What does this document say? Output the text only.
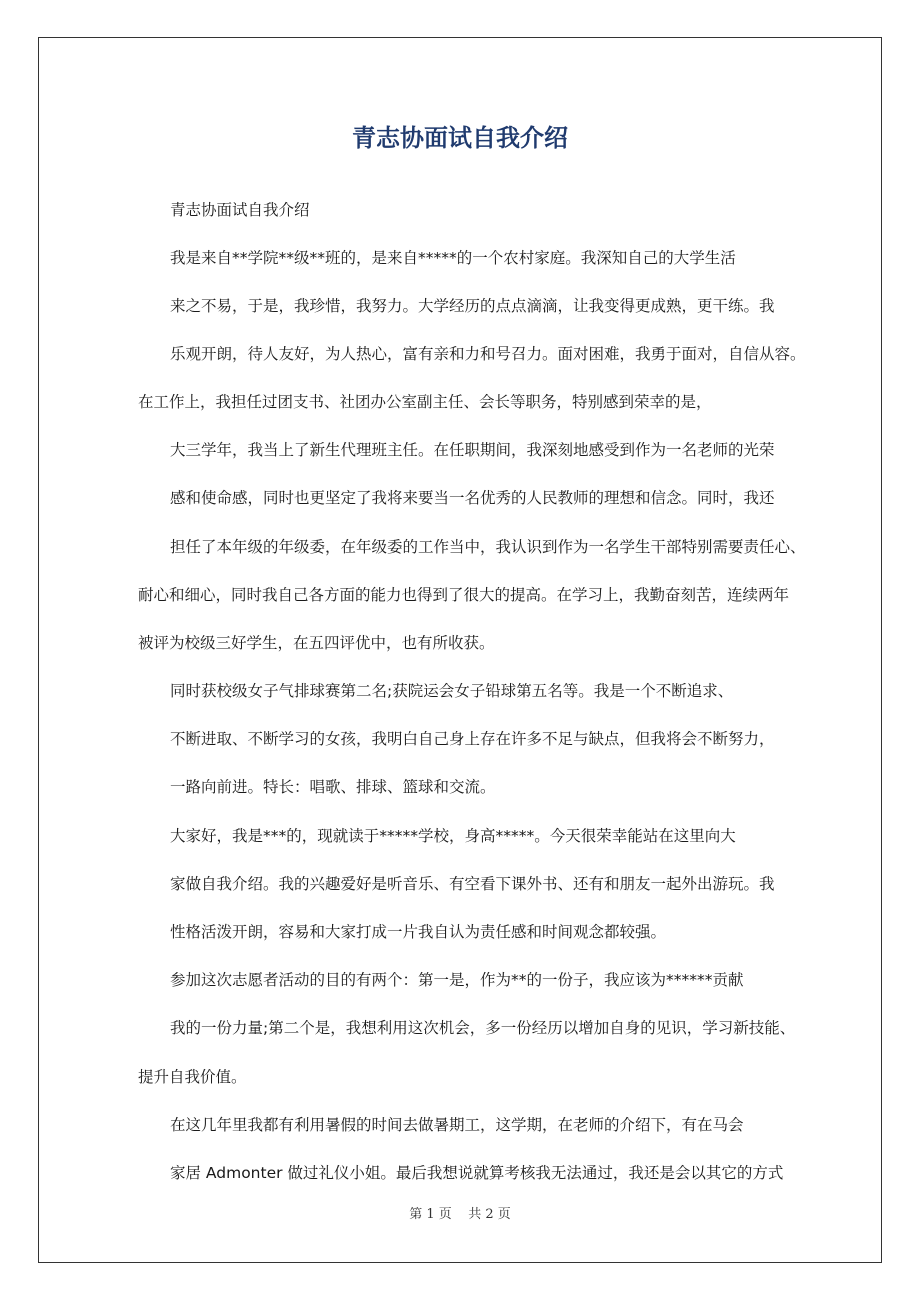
青志协面试自我介绍
青志协面试自我介绍
我是来自**学院**级**班的，是来自*****的一个农村家庭。我深知自己的大学生活
来之不易，于是，我珍惜，我努力。大学经历的点点滴滴，让我变得更成熟，更干练。我
乐观开朗，待人友好，为人热心，富有亲和力和号召力。面对困难，我勇于面对，自信从容。
在工作上，我担任过团支书、社团办公室副主任、会长等职务，特别感到荣幸的是，
大三学年，我当上了新生代理班主任。在任职期间，我深刻地感受到作为一名老师的光荣
感和使命感，同时也更坚定了我将来要当一名优秀的人民教师的理想和信念。同时，我还
担任了本年级的年级委，在年级委的工作当中，我认识到作为一名学生干部特别需要责任心、
耐心和细心，同时我自己各方面的能力也得到了很大的提高。在学习上，我勤奋刻苦，连续两年
被评为校级三好学生，在五四评优中，也有所收获。
同时获校级女子气排球赛第二名;获院运会女子铅球第五名等。我是一个不断追求、
不断进取、不断学习的女孩，我明白自己身上存在许多不足与缺点，但我将会不断努力，
一路向前进。特长：唱歌、排球、篮球和交流。
大家好，我是***的，现就读于*****学校，身高*****。今天很荣幸能站在这里向大
家做自我介绍。我的兴趣爱好是听音乐、有空看下课外书、还有和朋友一起外出游玩。我
性格活泼开朗，容易和大家打成一片我自认为责任感和时间观念都较强。
参加这次志愿者活动的目的有两个：第一是，作为**的一份子，我应该为******贡献
我的一份力量;第二个是，我想利用这次机会，多一份经历以增加自身的见识，学习新技能、
提升自我价值。
在这几年里我都有利用暑假的时间去做暑期工，这学期，在老师的介绍下，有在马会
家居 Admonter 做过礼仪小姐。最后我想说就算考核我无法通过，我还是会以其它的方式
第 1 页 共 2 页
